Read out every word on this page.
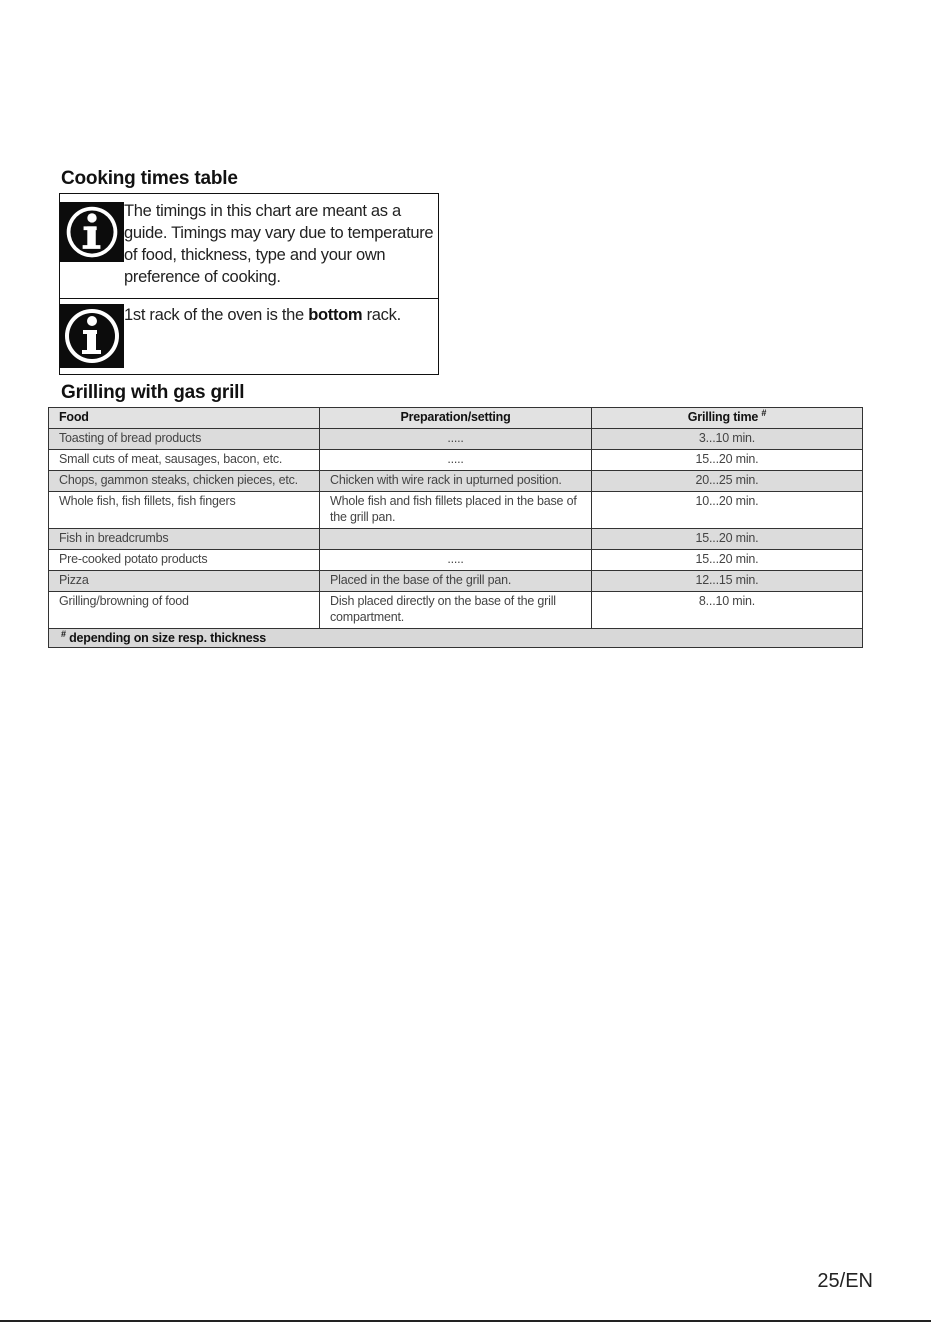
Cooking times table
The timings in this chart are meant as a guide. Timings may vary due to temperature of food, thickness, type and your own preference of cooking.
1st rack of the oven is the bottom rack.
Grilling with gas grill
Food	Preparation/setting	Grilling time #
Toasting of bread products	.....	3...10 min.
Small cuts of meat, sausages, bacon, etc.	.....	15...20 min.
Chops, gammon steaks, chicken pieces, etc.	Chicken with wire rack in upturned position.	20...25 min.
Whole fish, fish fillets, fish fingers	Whole fish and fish fillets placed in the base of the grill pan.	10...20 min.
Fish in breadcrumbs		15...20 min.
Pre-cooked potato products	.....	15...20 min.
Pizza	Placed in the base of the grill pan.	12...15 min.
Grilling/browning of food	Dish placed directly on the base of the grill compartment.	8...10 min.
# depending on size resp. thickness		
25/EN
